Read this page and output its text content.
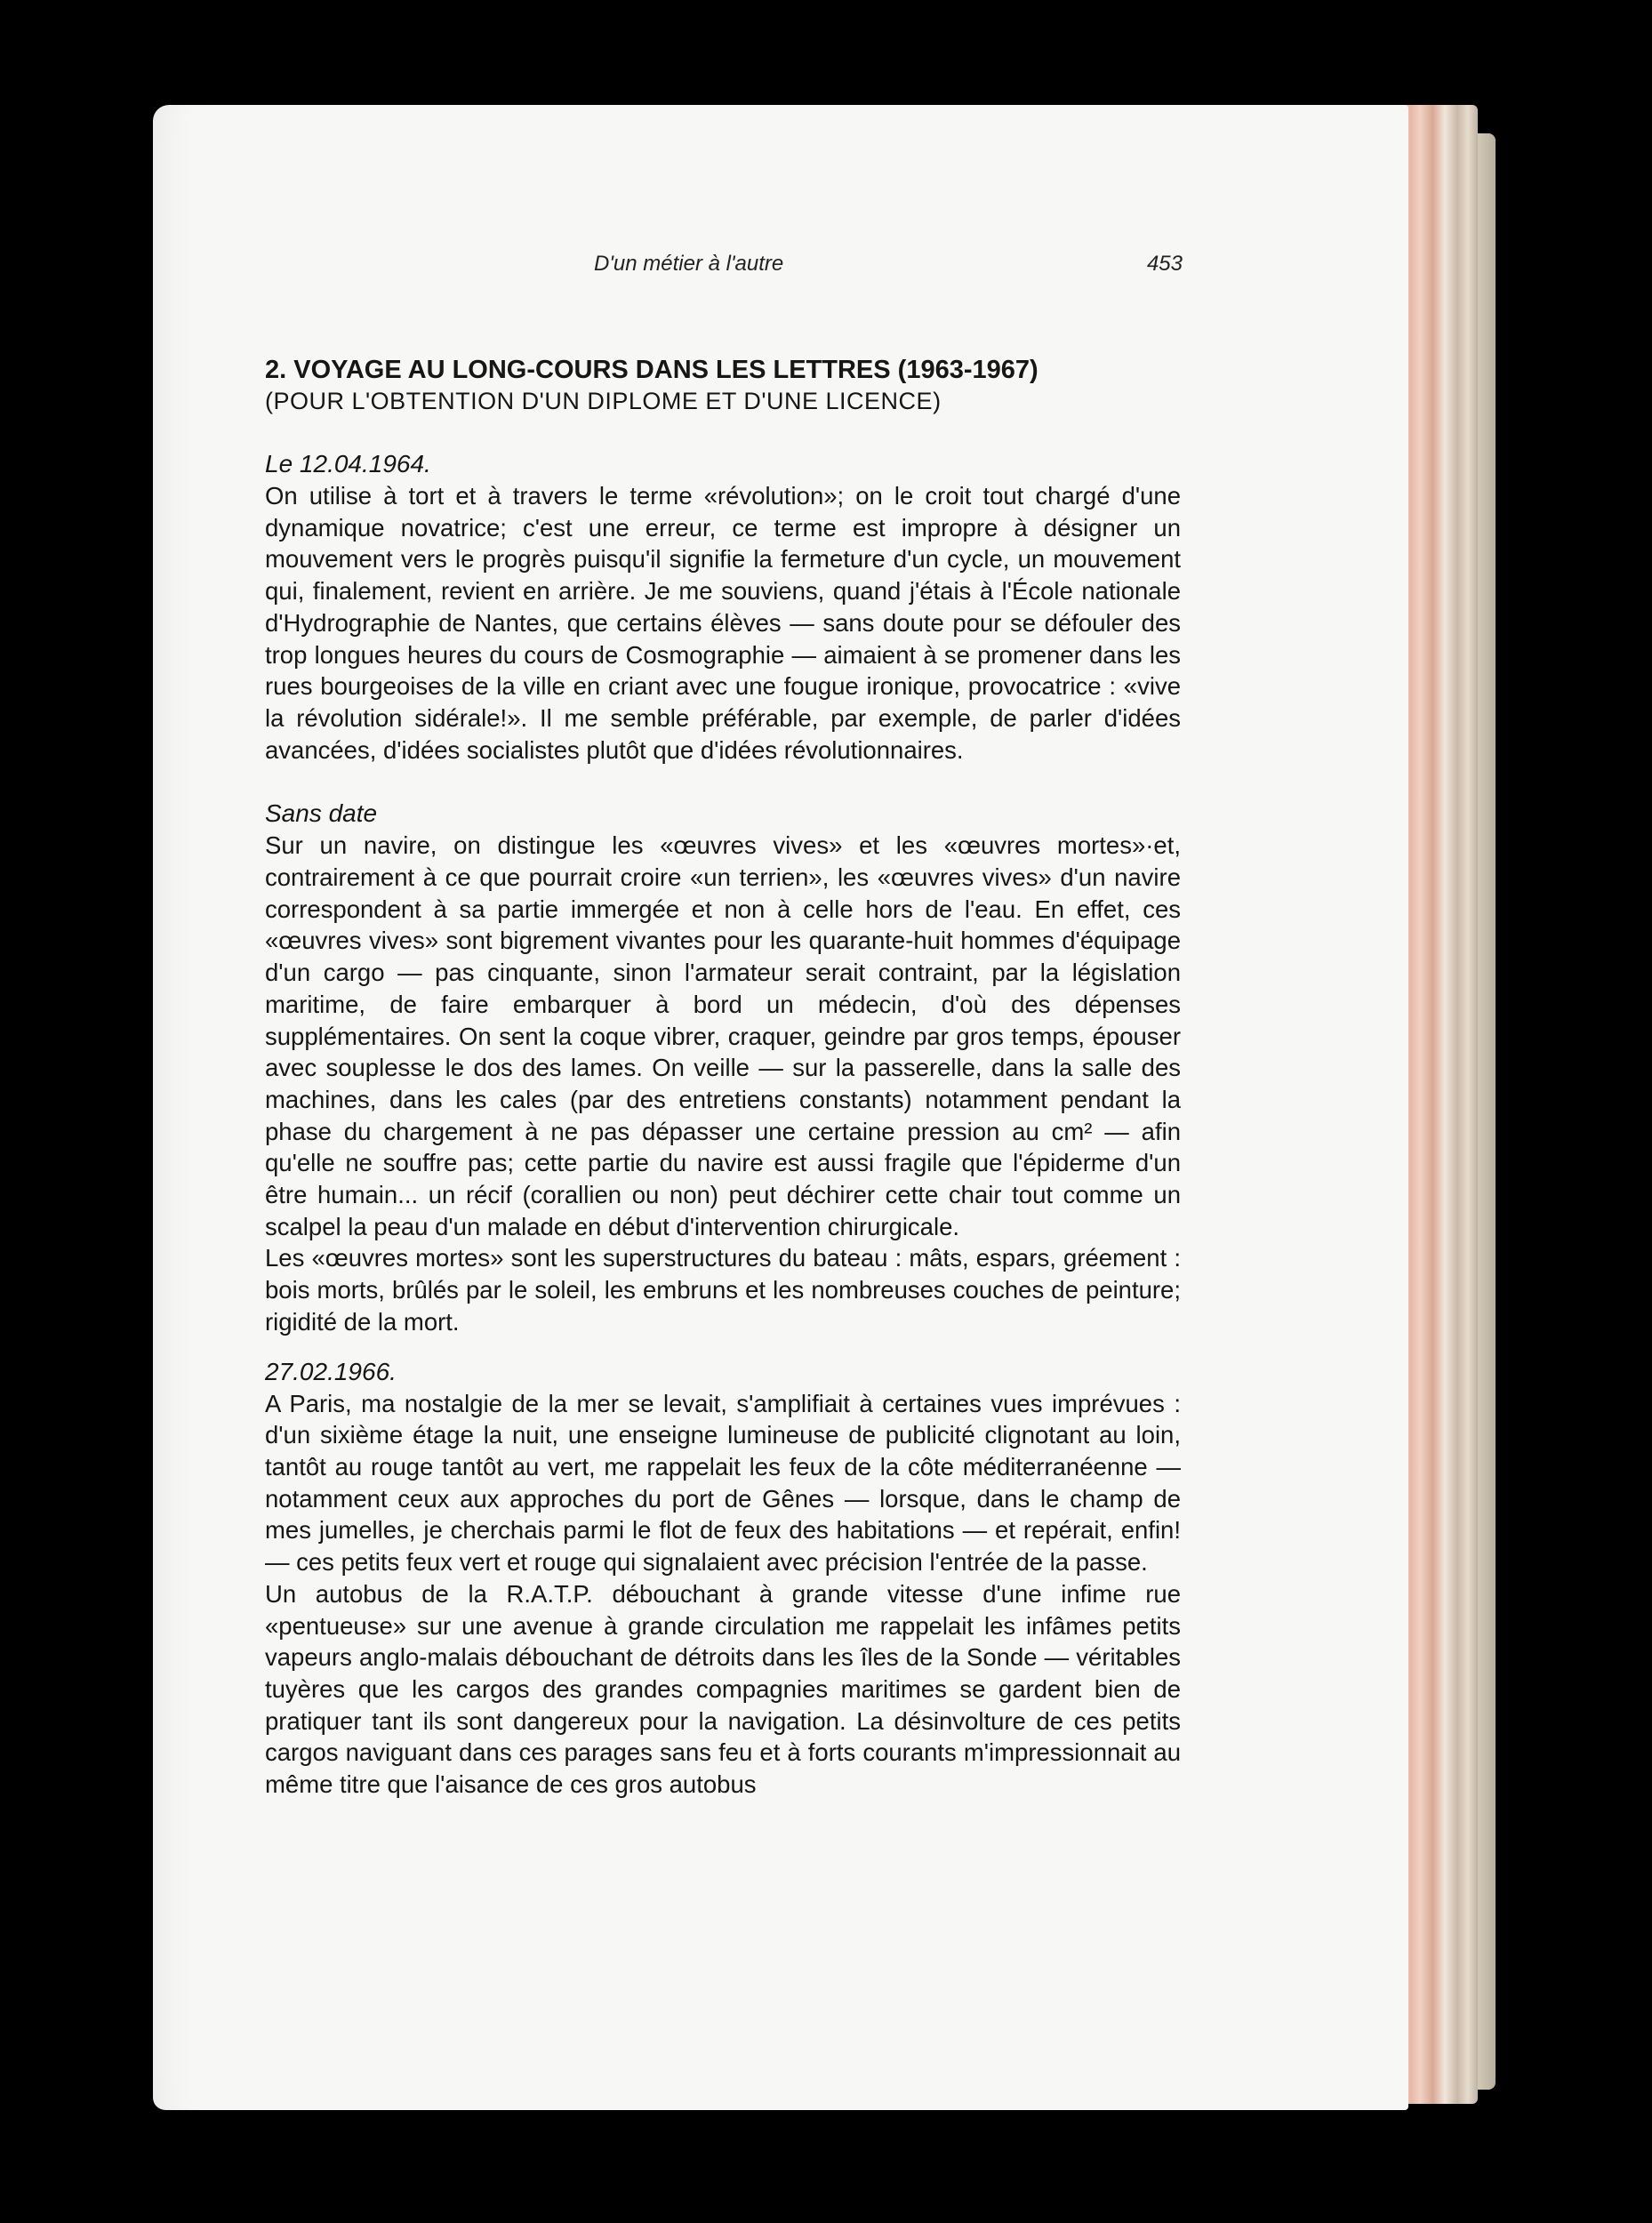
D'un métier à l'autre	453

2. VOYAGE AU LONG-COURS DANS LES LETTRES (1963-1967)

(POUR L'OBTENTION D'UN DIPLOME ET D'UNE LICENCE)

Le 12.04.1964.

On utilise à tort et à travers le terme «révolution»; on le croit tout chargé d'une dynamique novatrice; c'est une erreur, ce terme est impropre à désigner un mouvement vers le progrès puisqu'il signifie la fermeture d'un cycle, un mouvement qui, finalement, revient en arrière. Je me souviens, quand j'étais à l'École nationale d'Hydrographie de Nantes, que certains élèves — sans doute pour se défouler des trop longues heures du cours de Cosmographie — aimaient à se promener dans les rues bourgeoises de la ville en criant avec une fougue ironique, provocatrice : «vive la révolution sidérale!». Il me semble préférable, par exemple, de parler d'idées avancées, d'idées socialistes plutôt que d'idées révolutionnaires.

Sans date

Sur un navire, on distingue les «œuvres vives» et les «œuvres mortes»·et, contrairement à ce que pourrait croire «un terrien», les «œuvres vives» d'un navire correspondent à sa partie immergée et non à celle hors de l'eau. En effet, ces «œuvres vives» sont bigrement vivantes pour les quarante-huit hommes d'équipage d'un cargo — pas cinquante, sinon l'armateur serait contraint, par la législation maritime, de faire embarquer à bord un médecin, d'où des dépenses supplémentaires. On sent la coque vibrer, craquer, geindre par gros temps, épouser avec souplesse le dos des lames. On veille — sur la passerelle, dans la salle des machines, dans les cales (par des entretiens constants) notamment pendant la phase du chargement à ne pas dépasser une certaine pression au cm² — afin qu'elle ne souffre pas; cette partie du navire est aussi fragile que l'épiderme d'un être humain... un récif (corallien ou non) peut déchirer cette chair tout comme un scalpel la peau d'un malade en début d'intervention chirurgicale.

Les «œuvres mortes» sont les superstructures du bateau : mâts, espars, gréement : bois morts, brûlés par le soleil, les embruns et les nombreuses couches de peinture; rigidité de la mort.

27.02.1966.

A Paris, ma nostalgie de la mer se levait, s'amplifiait à certaines vues imprévues : d'un sixième étage la nuit, une enseigne lumineuse de publicité clignotant au loin, tantôt au rouge tantôt au vert, me rappelait les feux de la côte méditerranéenne — notamment ceux aux approches du port de Gênes — lorsque, dans le champ de mes jumelles, je cherchais parmi le flot de feux des habitations — et repérait, enfin! — ces petits feux vert et rouge qui signalaient avec précision l'entrée de la passe.

Un autobus de la R.A.T.P. débouchant à grande vitesse d'une infime rue «pentueuse» sur une avenue à grande circulation me rappelait les infâmes petits vapeurs anglo-malais débouchant de détroits dans les îles de la Sonde — véritables tuyères que les cargos des grandes compagnies maritimes se gardent bien de pratiquer tant ils sont dangereux pour la navigation. La désinvolture de ces petits cargos naviguant dans ces parages sans feu et à forts courants m'impressionnait au même titre que l'aisance de ces gros autobus
